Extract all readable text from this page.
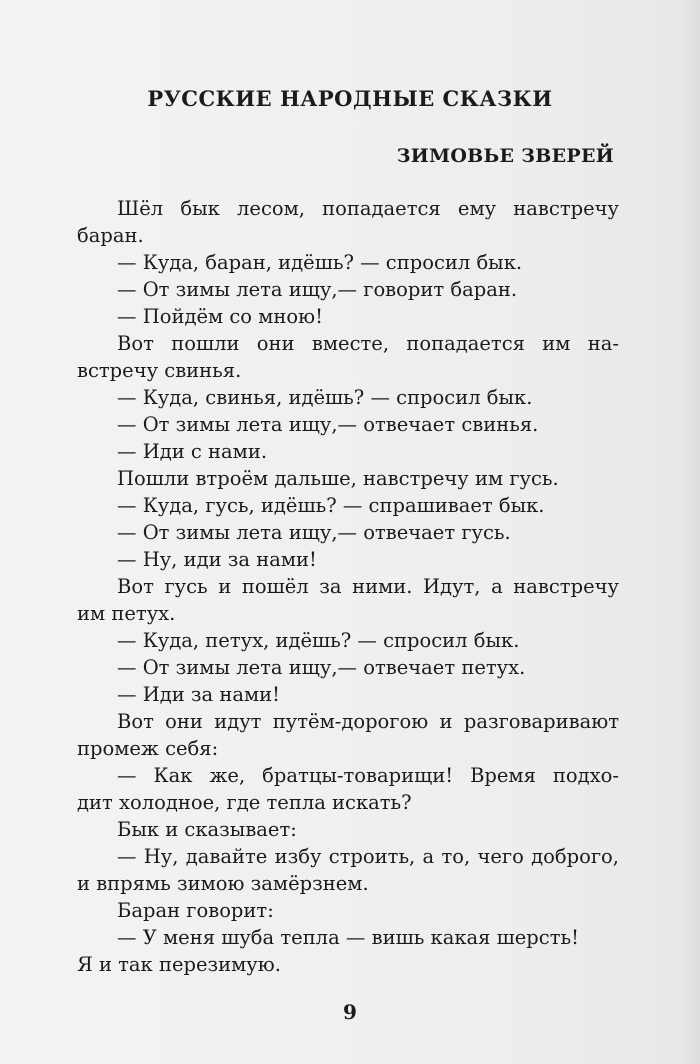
РУССКИЕ НАРОДНЫЕ СКАЗКИ
ЗИМОВЬЕ ЗВЕРЕЙ
Шёл бык лесом, попадается ему навстречу
баран.
— Куда, баран, идёшь? — спросил бык.
— От зимы лета ищу,— говорит баран.
— Пойдём со мною!
Вот пошли они вместе, попадается им на-
встречу свинья.
— Куда, свинья, идёшь? — спросил бык.
— От зимы лета ищу,— отвечает свинья.
— Иди с нами.
Пошли втроём дальше, навстречу им гусь.
— Куда, гусь, идёшь? — спрашивает бык.
— От зимы лета ищу,— отвечает гусь.
— Ну, иди за нами!
Вот гусь и пошёл за ними. Идут, а навстречу
им петух.
— Куда, петух, идёшь? — спросил бык.
— От зимы лета ищу,— отвечает петух.
— Иди за нами!
Вот они идут путём-дорогою и разговаривают
промеж себя:
— Как же, братцы-товарищи! Время подхо-
дит холодное, где тепла искать?
Бык и сказывает:
— Ну, давайте избу строить, а то, чего доброго,
и впрямь зимою замёрзнем.
Баран говорит:
— У меня шуба тепла — вишь какая шерсть!
Я и так перезимую.
9
